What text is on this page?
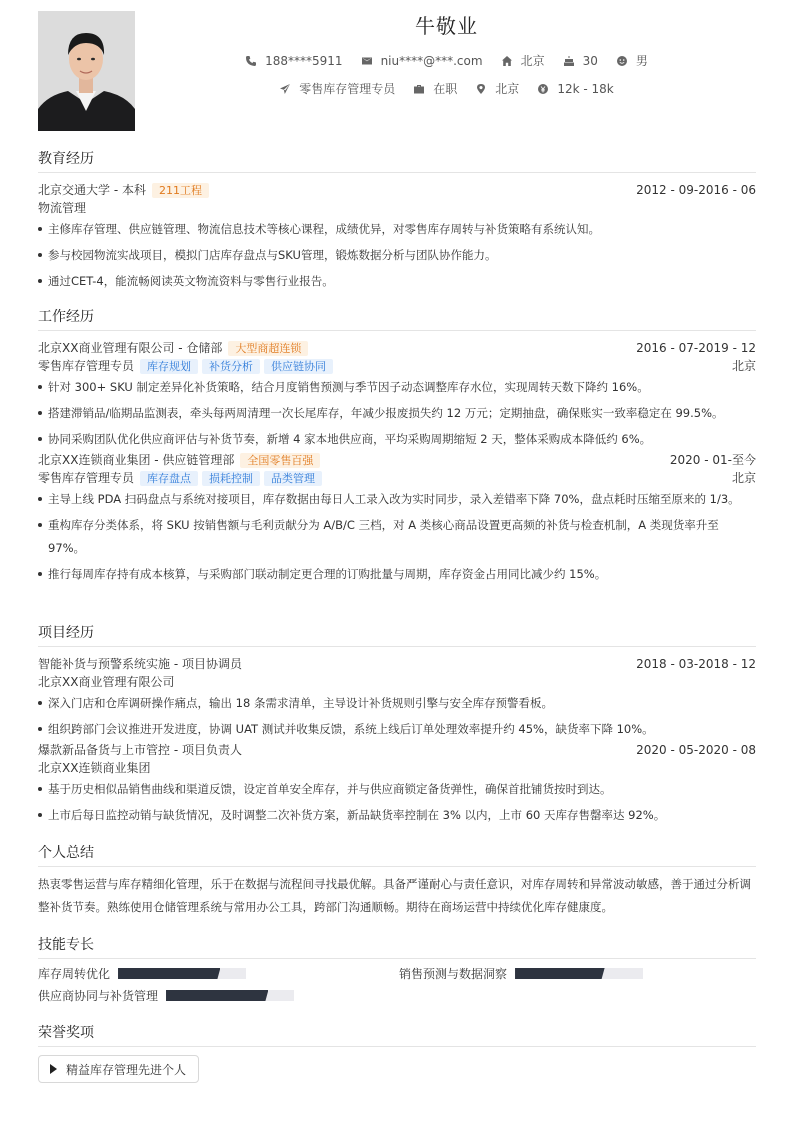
牛敬业
188****5911	niu****@***.com	北京	30	男
零售库存管理专员	在职	北京	12k - 18k
教育经历
北京交通大学 - 本科	211工程	2012 - 09-2016 - 06
物流管理
主修库存管理、供应链管理、物流信息技术等核心课程，成绩优异，对零售库存周转与补货策略有系统认知。
参与校园物流实战项目，模拟门店库存盘点与SKU管理，锻炼数据分析与团队协作能力。
通过CET-4，能流畅阅读英文物流资料与零售行业报告。
工作经历
北京XX商业管理有限公司 - 仓储部	大型商超连锁	2016 - 07-2019 - 12
零售库存管理专员	库存规划	补货分析	供应链协同	北京
针对 300+ SKU 制定差异化补货策略，结合月度销售预测与季节因子动态调整库存水位，实现周转天数下降约 16%。
搭建滞销品/临期品监测表，牵头每两周清理一次长尾库存，年减少报废损失约 12 万元；定期抽盘，确保账实一致率稳定在 99.5%。
协同采购团队优化供应商评估与补货节奏，新增 4 家本地供应商，平均采购周期缩短 2 天，整体采购成本降低约 6%。
北京XX连锁商业集团 - 供应链管理部	全国零售百强	2020 - 01-至今
零售库存管理专员	库存盘点	损耗控制	品类管理	北京
主导上线 PDA 扫码盘点与系统对接项目，库存数据由每日人工录入改为实时同步，录入差错率下降 70%，盘点耗时压缩至原来的 1/3。
重构库存分类体系，将 SKU 按销售额与毛利贡献分为 A/B/C 三档，对 A 类核心商品设置更高频的补货与检查机制，A 类现货率升至 97%。
推行每周库存持有成本核算，与采购部门联动制定更合理的订购批量与周期，库存资金占用同比减少约 15%。
项目经历
智能补货与预警系统实施 - 项目协调员	2018 - 03-2018 - 12
北京XX商业管理有限公司
深入门店和仓库调研操作痛点，输出 18 条需求清单，主导设计补货规则引擎与安全库存预警看板。
组织跨部门会议推进开发进度，协调 UAT 测试并收集反馈，系统上线后订单处理效率提升约 45%，缺货率下降 10%。
爆款新品备货与上市管控 - 项目负责人	2020 - 05-2020 - 08
北京XX连锁商业集团
基于历史相似品销售曲线和渠道反馈，设定首单安全库存，并与供应商锁定备货弹性，确保首批铺货按时到达。
上市后每日监控动销与缺货情况，及时调整二次补货方案，新品缺货率控制在 3% 以内，上市 60 天库存售罄率达 92%。
个人总结
热衷零售运营与库存精细化管理，乐于在数据与流程间寻找最优解。具备严谨耐心与责任意识，对库存周转和异常波动敏感，善于通过分析调整补货节奏。熟练使用仓储管理系统与常用办公工具，跨部门沟通顺畅。期待在商场运营中持续优化库存健康度。
技能专长
库存周转优化	销售预测与数据洞察
供应商协同与补货管理
荣誉奖项
精益库存管理先进个人
